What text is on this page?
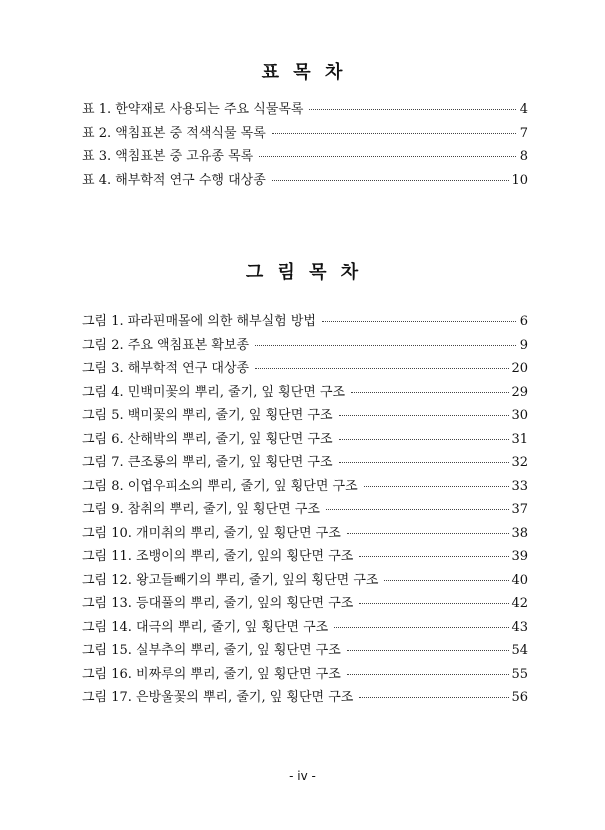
표 목 차
표 1. 한약재로 사용되는 주요 식물목록	4
표 2. 액침표본 중 적색식물 목록	7
표 3. 액침표본 중 고유종 목록	8
표 4. 해부학적 연구 수행 대상종	10
그 림 목 차
그림 1. 파라핀매몰에 의한 해부실험 방법	6
그림 2. 주요 액침표본 확보종	9
그림 3. 해부학적 연구 대상종	20
그림 4. 민백미꽃의 뿌리, 줄기, 잎 횡단면 구조	29
그림 5. 백미꽃의 뿌리, 줄기, 잎 횡단면 구조	30
그림 6. 산해박의 뿌리, 줄기, 잎 횡단면 구조	31
그림 7. 큰조롱의 뿌리, 줄기, 잎 횡단면 구조	32
그림 8. 이엽우피소의 뿌리, 줄기, 잎 횡단면 구조	33
그림 9. 참취의 뿌리, 줄기, 잎 횡단면 구조	37
그림 10. 개미취의 뿌리, 줄기, 잎 횡단면 구조	38
그림 11. 조뱅이의 뿌리, 줄기, 잎의 횡단면 구조	39
그림 12. 왕고들빼기의 뿌리, 줄기, 잎의 횡단면 구조	40
그림 13. 등대풀의 뿌리, 줄기, 잎의 횡단면 구조	42
그림 14. 대극의 뿌리, 줄기, 잎 횡단면 구조	43
그림 15. 실부추의 뿌리, 줄기, 잎 횡단면 구조	54
그림 16. 비짜루의 뿌리, 줄기, 잎 횡단면 구조	55
그림 17. 은방울꽃의 뿌리, 줄기, 잎 횡단면 구조	56
- iv -
